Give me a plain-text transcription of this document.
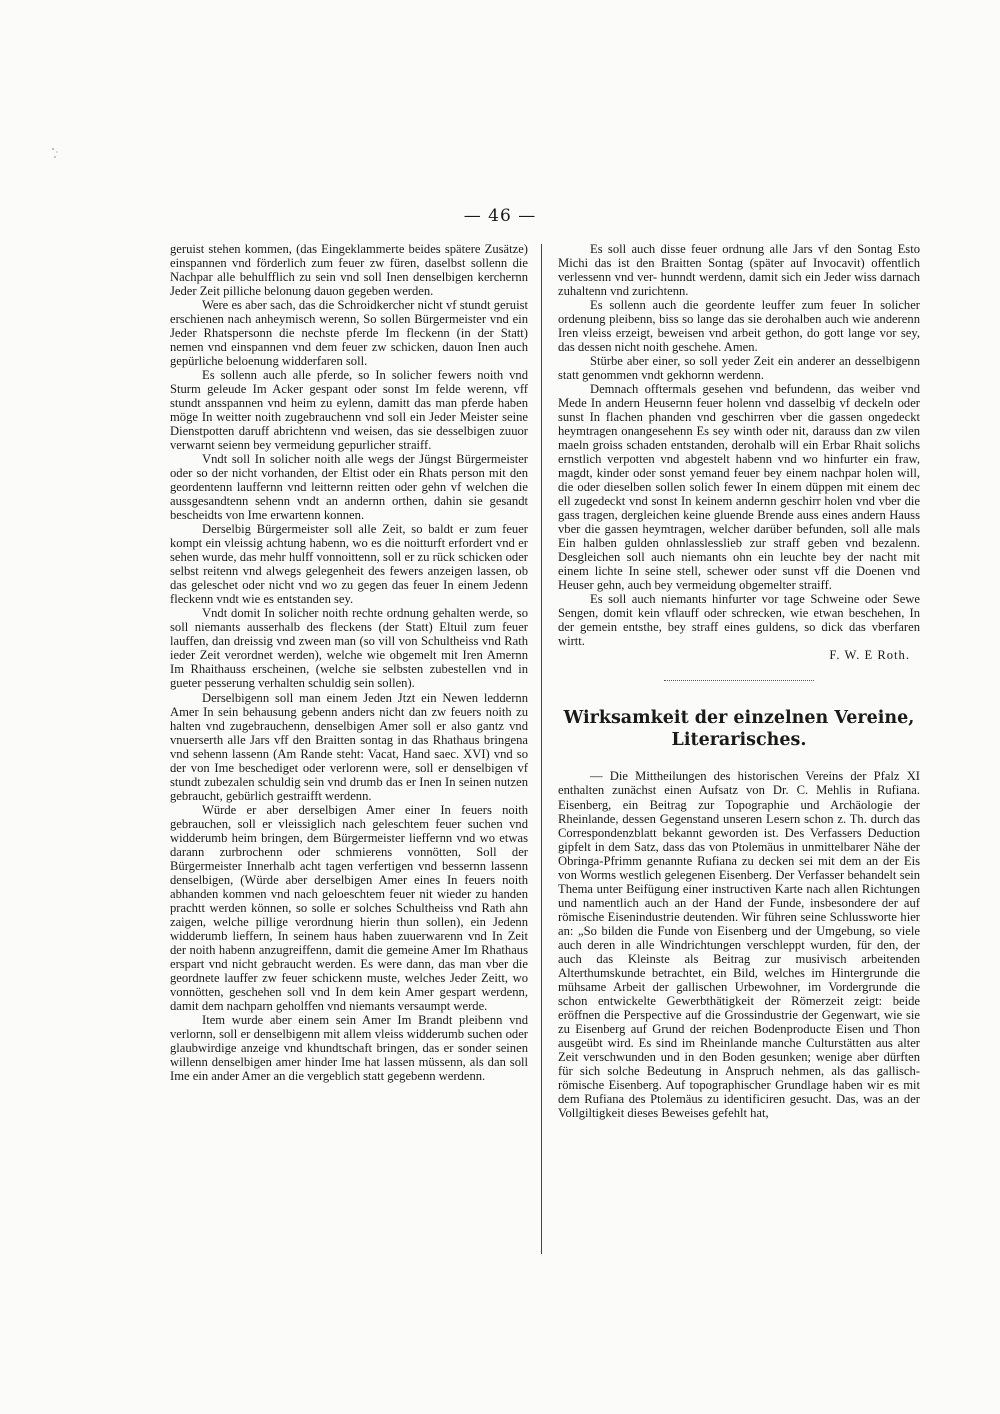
— 46 —

geruist stehen kommen, (das Eingeklammerte beides spätere Zusätze) einspannen vnd förderlich zum feuer zw füren, daselbst sollenn die Nachpar alle behulfflich zu sein vnd soll Inen denselbigen kerchernn Jeder Zeit pilliche belonung dauon gegeben werden.

Were es aber sach, das die Schroidkercher nicht vf stundt geruist erschienen nach anheymisch werenn, So sollen Bürgermeister vnd ein Jeder Rhatspersonn die nechste pferde Im fleckenn (in der Statt) nemen vnd einspannen vnd dem feuer zw schicken, dauon Inen auch gepürliche beloenung widderfaren soll.

Es sollenn auch alle pferde, so In solicher fewers noith vnd Sturm geleude Im Acker gespant oder sonst Im felde werenn, vff stundt ansspannen vnd heim zu eylenn, damitt das man pferde haben möge In weitter noith zugebrauchenn vnd soll ein Jeder Meister seine Dienstpotten daruff abrichtenn vnd weisen, das sie desselbigen zuuor verwarnt seienn bey vermeidung gepurlicher straiff.

Vndt soll In solicher noith alle wegs der Jüngst Bürgermeister oder so der nicht vorhanden, der Eltist oder ein Rhats person mit den geordentenn lauffernn vnd leitternn reitten oder gehn vf welchen die aussgesandtenn sehenn vndt an andernn orthen, dahin sie gesandt bescheidts von Ime erwartenn konnen.

Derselbig Bürgermeister soll alle Zeit, so baldt er zum feuer kompt ein vleissig achtung habenn, wo es die noitturft erfordert vnd er sehen wurde, das mehr hulff vonnoittenn, soll er zu rück schicken oder selbst reitenn vnd alwegs gelegenheit des fewers anzeigen lassen, ob das geleschet oder nicht vnd wo zu gegen das feuer In einem Jedenn fleckenn vndt wie es entstanden sey.

Vndt domit In solicher noith rechte ordnung gehalten werde, so soll niemants ausserhalb des fleckens (der Statt) Eltuil zum feuer lauffen, dan dreissig vnd zween man (so vill von Schultheiss vnd Rath ieder Zeit verordnet werden), welche wie obgemelt mit Iren Amernn Im Rhaithauss erscheinen, (welche sie selbsten zubestellen vnd in gueter pesserung verhalten schuldig sein sollen).

Derselbigenn soll man einem Jeden Jtzt ein Newen leddernn Amer In sein behausung gebenn anders nicht dan zw feuers noith zu halten vnd zugebrauchenn, denselbigen Amer soll er also gantz vnd vnuerserth alle Jars vff den Braitten sontag in das Rhathaus bringena vnd sehenn lassenn (Am Rande steht: Vacat, Hand saec. XVI) vnd so der von Ime beschediget oder verlorenn were, soll er denselbigen vf stundt zubezalen schuldig sein vnd drumb das er Inen In seinen nutzen gebraucht, gebürlich gestraifft werdenn.

Würde er aber derselbigen Amer einer In feuers noith gebrauchen, soll er vleissiglich nach geleschtem feuer suchen vnd widderumb heim bringen, dem Bürgermeister lieffernn vnd wo etwas darann zurbrochenn oder schmierens vonnötten, Soll der Bürgermeister Innerhalb acht tagen verfertigen vnd bessernn lassenn denselbigen, (Würde aber derselbigen Amer eines In feuers noith abhanden kommen vnd nach geloeschtem feuer nit wieder zu handen prachtt werden können, so solle er solches Schultheiss vnd Rath ahn zaigen, welche pillige verordnung hierin thun sollen), ein Jedenn widderumb lieffern, In seinem haus haben zuuerwarenn vnd In Zeit der noith habenn anzugreiffenn, damit die gemeine Amer Im Rhathaus erspart vnd nicht gebraucht werden. Es were dann, das man vber die geordnete lauffer zw feuer schickenn muste, welches Jeder Zeitt, wo vonnötten, geschehen soll vnd In dem kein Amer gespart werdenn, damit dem nachparn geholffen vnd niemants versaumpt werde.

Item wurde aber einem sein Amer Im Brandt pleibenn vnd verlornn, soll er denselbigenn mit allem vleiss widderumb suchen oder glaubwirdige anzeige vnd khundtschaft bringen, das er sonder seinen willenn denselbigen amer hinder Ime hat lassen müssenn, als dan soll Ime ein ander Amer an die vergeblich statt gegebenn werdenn.

Es soll auch disse feuer ordnung alle Jars vf den Sontag Esto Michi das ist den Braitten Sontag (später auf Invocavit) offentlich verlessenn vnd ver- hunndt werdenn, damit sich ein Jeder wiss darnach zuhaltenn vnd zurichtenn.

Es sollenn auch die geordente leuffer zum feuer In solicher ordenung pleibenn, biss so lange das sie derohalben auch wie anderenn Iren vleiss erzeigt, beweisen vnd arbeit gethon, do gott lange vor sey, das dessen nicht noith geschehe. Amen.

Stürbe aber einer, so soll yeder Zeit ein anderer an desselbigenn statt genommen vndt gekhornn werdenn.

Demnach offtermals gesehen vnd befundenn, das weiber vnd Mede In andern Heusernn feuer holenn vnd dasselbig vf deckeln oder sunst In flachen phanden vnd geschirren vber die gassen ongedeckt heymtragen onangesehenn Es sey winth oder nit, darauss dan zw vilen maeln groiss schaden entstanden, derohalb will ein Erbar Rhait solichs ernstlich verpotten vnd abgestelt habenn vnd wo hinfurter ein fraw, magdt, kinder oder sonst yemand feuer bey einem nachpar holen will, die oder dieselben sollen solich fewer In einem düppen mit einem dec ell zugedeckt vnd sonst In keinem andernn geschirr holen vnd vber die gass tragen, dergleichen keine gluende Brende auss eines andern Hauss vber die gassen heymtragen, welcher darüber befunden, soll alle mals Ein halben gulden ohnlasslesslieb zur straff geben vnd bezalenn. Desgleichen soll auch niemants ohn ein leuchte bey der nacht mit einem lichte In seine stell, schewer oder sunst vff die Doenen vnd Heuser gehn, auch bey vermeidung obgemelter straiff.

Es soll auch niemants hinfurter vor tage Schweine oder Sewe Sengen, domit kein vflauff oder schrecken, wie etwan beschehen, In der gemein entsthe, bey straff eines guldens, so dick das vberfaren wirtt.

F. W. E Roth.

Wirksamkeit der einzelnen Vereine,
Literarisches.

— Die Mittheilungen des historischen Vereins der Pfalz XI enthalten zunächst einen Aufsatz von Dr. C. Mehlis in Rufiana. Eisenberg, ein Beitrag zur Topographie und Archäologie der Rheinlande, dessen Gegenstand unseren Lesern schon z. Th. durch das Correspondenzblatt bekannt geworden ist. Des Verfassers Deduction gipfelt in dem Satz, dass das von Ptolemäus in unmittelbarer Nähe der Obringa-Pfrimm genannte Rufiana zu decken sei mit dem an der Eis von Worms westlich gelegenen Eisenberg. Der Verfasser behandelt sein Thema unter Beifügung einer instructiven Karte nach allen Richtungen und namentlich auch an der Hand der Funde, insbesondere der auf römische Eisenindustrie deutenden. Wir führen seine Schlussworte hier an: „So bilden die Funde von Eisenberg und der Umgebung, so viele auch deren in alle Windrichtungen verschleppt wurden, für den, der auch das Kleinste als Beitrag zur musivisch arbeitenden Alterthumskunde betrachtet, ein Bild, welches im Hintergrunde die mühsame Arbeit der gallischen Urbewohner, im Vordergrunde die schon entwickelte Gewerbthätigkeit der Römerzeit zeigt: beide eröffnen die Perspective auf die Grossindustrie der Gegenwart, wie sie zu Eisenberg auf Grund der reichen Bodenproducte Eisen und Thon ausgeübt wird. Es sind im Rheinlande manche Culturstätten aus alter Zeit verschwunden und in den Boden gesunken; wenige aber dürften für sich solche Bedeutung in Anspruch nehmen, als das gallisch-römische Eisenberg. Auf topographischer Grundlage haben wir es mit dem Rufiana des Ptolemäus zu identificiren gesucht. Das, was an der Vollgiltigkeit dieses Beweises gefehlt hat,
